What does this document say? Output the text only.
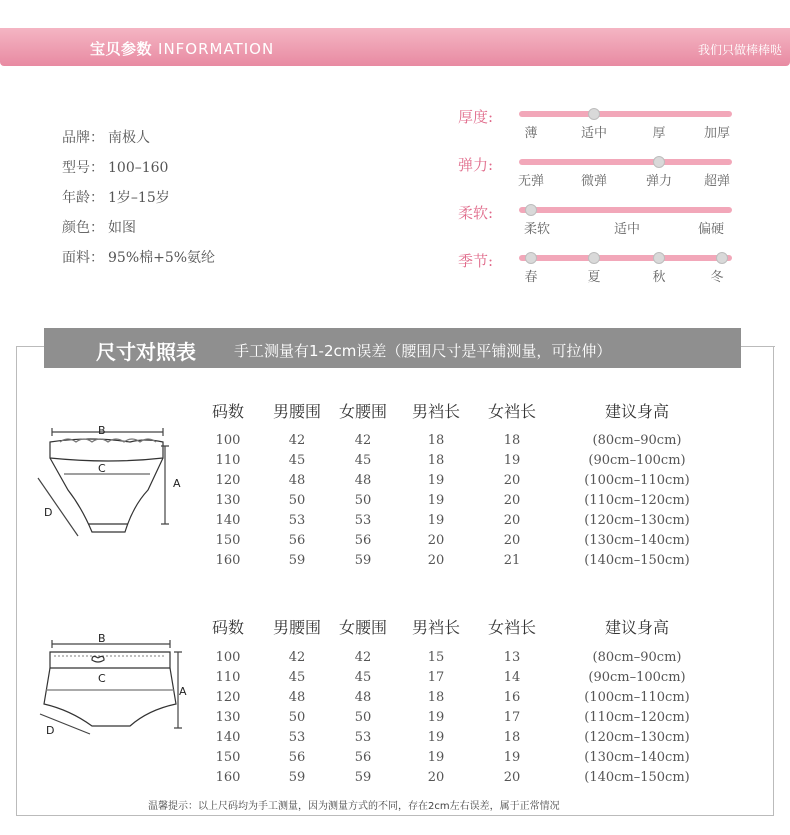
宝贝参数 INFORMATION	我们只做棒棒哒
品牌： 南极人
型号： 100–160
年龄： 1岁–15岁
颜色： 如图
面料： 95%棉+5%氨纶
厚度:
薄	适中	厚	加厚
弹力:
无弹	微弹	弹力 超弹
柔软:
柔软	适中	偏硬
季节:
春	夏	秋	冬
尺寸对照表	手工测量有1-2cm误差（腰围尺寸是平铺测量，可拉伸）
B
C
A
D
B
C
A
D
码数 男腰围 女腰围 男裆长 女裆长	建议身高
100	42	42	18	18	(80cm–90cm)
110	45	45	18	19	(90cm–100cm)
120	48	48	19	20	(100cm–110cm)
130	50	50	19	20	(110cm–120cm)
140	53	53	19	20	(120cm–130cm)
150	56	56	20	20	(130cm–140cm)
160	59	59	20	21	(140cm–150cm)
码数 男腰围 女腰围 男裆长 女裆长	建议身高
100	42	42	15	13	(80cm–90cm)
110	45	45	17	14	(90cm–100cm)
120	48	48	18	16	(100cm–110cm)
130	50	50	19	17	(110cm–120cm)
140	53	53	19	18	(120cm–130cm)
150	56	56	19	19	(130cm–140cm)
160	59	59	20	20	(140cm–150cm)
温馨提示：以上尺码均为手工测量，因为测量方式的不同，存在2cm左右误差，属于正常情况
